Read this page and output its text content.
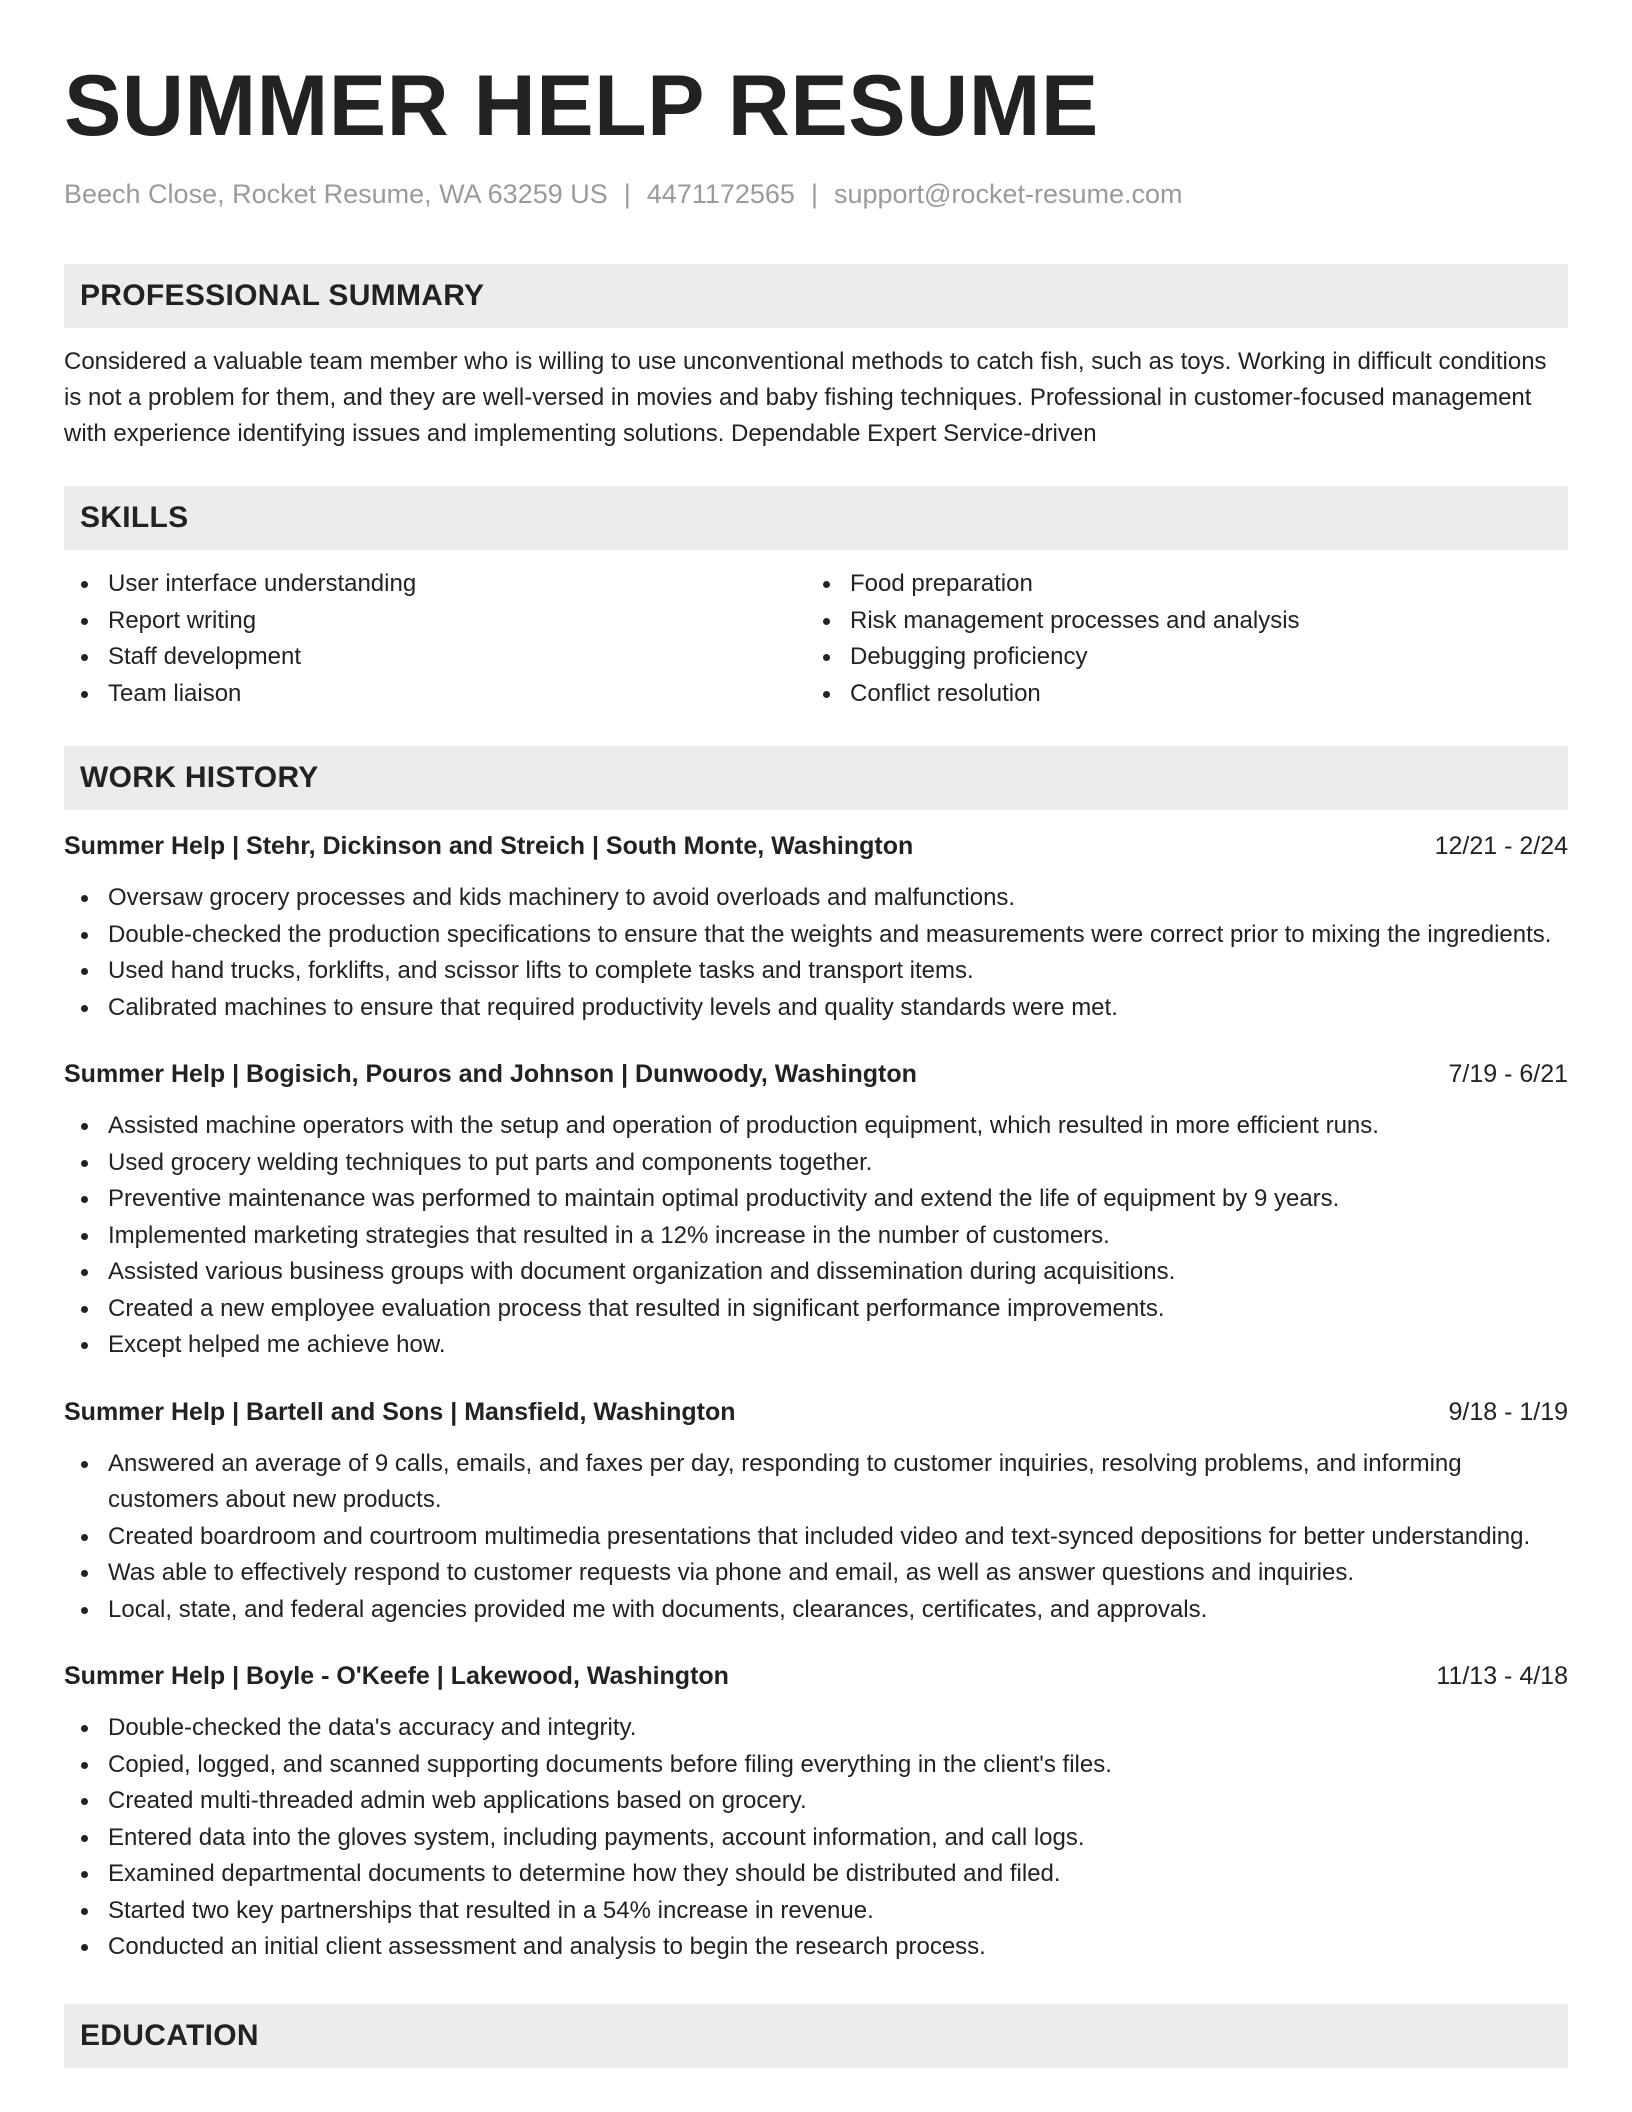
SUMMER HELP RESUME
Beech Close, Rocket Resume, WA 63259 US | 4471172565 | support@rocket-resume.com
PROFESSIONAL SUMMARY

Considered a valuable team member who is willing to use unconventional methods to catch fish, such as toys. Working in difficult conditions is not a problem for them, and they are well-versed in movies and baby fishing techniques. Professional in customer-focused management with experience identifying issues and implementing solutions. Dependable Expert Service-driven

SKILLS
User interface understanding
Report writing
Staff development
Team liaison
Food preparation
Risk management processes and analysis
Debugging proficiency
Conflict resolution
WORK HISTORY
Summer Help | Stehr, Dickinson and Streich | South Monte, Washington	12/21 - 2/24
Oversaw grocery processes and kids machinery to avoid overloads and malfunctions.
Double-checked the production specifications to ensure that the weights and measurements were correct prior to mixing the ingredients.
Used hand trucks, forklifts, and scissor lifts to complete tasks and transport items.
Calibrated machines to ensure that required productivity levels and quality standards were met.
Summer Help | Bogisich, Pouros and Johnson | Dunwoody, Washington	7/19 - 6/21
Assisted machine operators with the setup and operation of production equipment, which resulted in more efficient runs.
Used grocery welding techniques to put parts and components together.
Preventive maintenance was performed to maintain optimal productivity and extend the life of equipment by 9 years.
Implemented marketing strategies that resulted in a 12% increase in the number of customers.
Assisted various business groups with document organization and dissemination during acquisitions.
Created a new employee evaluation process that resulted in significant performance improvements.
Except helped me achieve how.
Summer Help | Bartell and Sons | Mansfield, Washington	9/18 - 1/19
Answered an average of 9 calls, emails, and faxes per day, responding to customer inquiries, resolving problems, and informing customers about new products.
Created boardroom and courtroom multimedia presentations that included video and text-synced depositions for better understanding.
Was able to effectively respond to customer requests via phone and email, as well as answer questions and inquiries.
Local, state, and federal agencies provided me with documents, clearances, certificates, and approvals.
Summer Help | Boyle - O'Keefe | Lakewood, Washington	11/13 - 4/18
Double-checked the data's accuracy and integrity.
Copied, logged, and scanned supporting documents before filing everything in the client's files.
Created multi-threaded admin web applications based on grocery.
Entered data into the gloves system, including payments, account information, and call logs.
Examined departmental documents to determine how they should be distributed and filed.
Started two key partnerships that resulted in a 54% increase in revenue.
Conducted an initial client assessment and analysis to begin the research process.
EDUCATION
